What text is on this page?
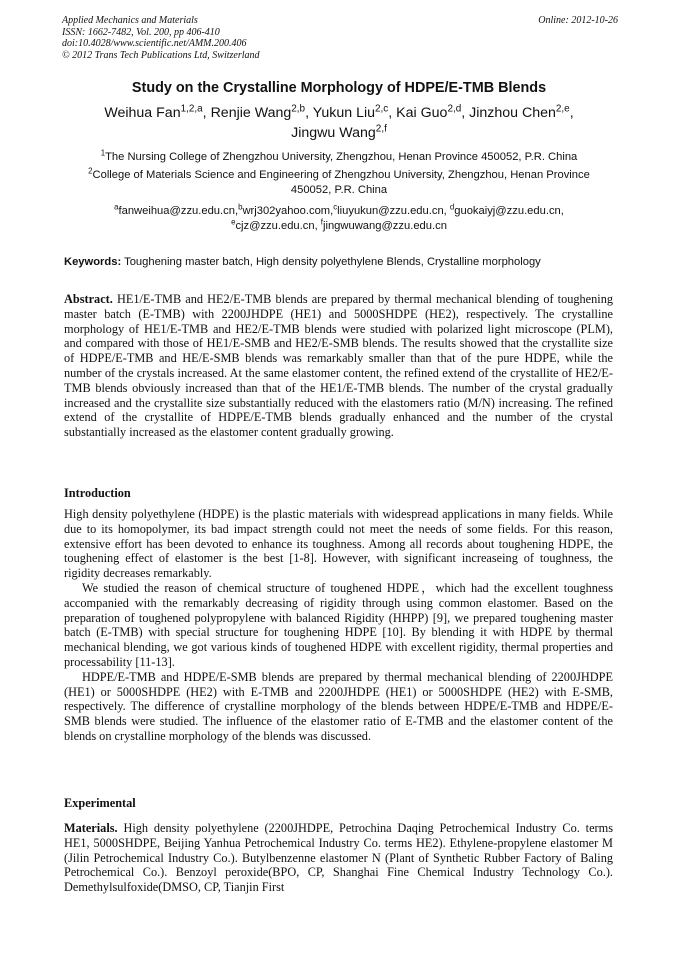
Applied Mechanics and Materials
ISSN: 1662-7482, Vol. 200, pp 406-410
doi:10.4028/www.scientific.net/AMM.200.406
© 2012 Trans Tech Publications Ltd, Switzerland
Online: 2012-10-26
Study on the Crystalline Morphology of HDPE/E-TMB Blends
Weihua Fan$^{1,2,a}$, Renjie Wang$^{2,b}$, Yukun Liu$^{2,c}$, Kai Guo$^{2,d}$, Jinzhou Chen$^{2,e}$,
Jingwu Wang$^{2,f}$
$^1$The Nursing College of Zhengzhou University, Zhengzhou, Henan Province 450052, P.R. China
$^2$College of Materials Science and Engineering of Zhengzhou University, Zhengzhou, Henan Province 450052, P.R. China
$^a$fanweihua@zzu.edu.cn,$^b$wrj302yahoo.com,$^c$liuyukun@zzu.edu.cn, $^d$guokaiyj@zzu.edu.cn,
$^e$cjz@zzu.edu.cn, $^f$jingwuwang@zzu.edu.cn
Keywords: Toughening master batch, High density polyethylene Blends, Crystalline morphology

Abstract. HE1/E-TMB and HE2/E-TMB blends are prepared by thermal mechanical blending of toughening master batch (E-TMB) with 2200JHDPE (HE1) and 5000SHDPE (HE2), respectively. The crystalline morphology of HE1/E-TMB and HE2/E-TMB blends were studied with polarized light microscope (PLM), and compared with those of HE1/E-SMB and HE2/E-SMB blends. The results showed that the crystallite size of HDPE/E-TMB and HE/E-SMB blends was remarkably smaller than that of the pure HDPE, while the number of the crystals increased. At the same elastomer content, the refined extend of the crystallite of HE2/E-TMB blends obviously increased than that of the HE1/E-TMB blends. The number of the crystal gradually increased and the crystallite size substantially reduced with the elastomers ratio (M/N) increasing. The refined extend of the crystallite of HDPE/E-TMB blends gradually enhanced and the number of the crystal substantially increased as the elastomer content gradually growing.

Introduction

High density polyethylene (HDPE) is the plastic materials with widespread applications in many fields. While due to its homopolymer, its bad impact strength could not meet the needs of some fields. For this reason, extensive effort has been devoted to enhance its toughness. Among all records about toughening HDPE, the toughening effect of elastomer is the best [1-8]. However, with significant increaseing of toughness, the rigidity decreases remarkably.

We studied the reason of chemical structure of toughened HDPE，which had the excellent toughness accompanied with the remarkably decreasing of rigidity through using common elastomer. Based on the preparation of toughened polypropylene with balanced Rigidity (HHPP) [9], we prepared toughening master batch (E-TMB) with special structure for toughening HDPE [10]. By blending it with HDPE by thermal mechanical blending, we got various kinds of toughened HDPE with excellent rigidity, thermal properties and processability [11-13].

HDPE/E-TMB and HDPE/E-SMB blends are prepared by thermal mechanical blending of 2200JHDPE (HE1) or 5000SHDPE (HE2) with E-TMB and 2200JHDPE (HE1) or 5000SHDPE (HE2) with E-SMB, respectively. The difference of crystalline morphology of the blends between HDPE/E-TMB and HDPE/E-SMB blends were studied. The influence of the elastomer ratio of E-TMB and the elastomer content of the blends on crystalline morphology of the blends was discussed.

Experimental

Materials. High density polyethylene (2200JHDPE, Petrochina Daqing Petrochemical Industry Co. terms HE1, 5000SHDPE, Beijing Yanhua Petrochemical Industry Co. terms HE2). Ethylene-propylene elastomer M (Jilin Petrochemical Industry Co.). Butylbenzenne elastomer N (Plant of Synthetic Rubber Factory of Baling Petrochemical Co.). Benzoyl peroxide(BPO, CP, Shanghai Fine Chemical Industry Technology Co.). Demethylsulfoxide(DMSO, CP, Tianjin First
